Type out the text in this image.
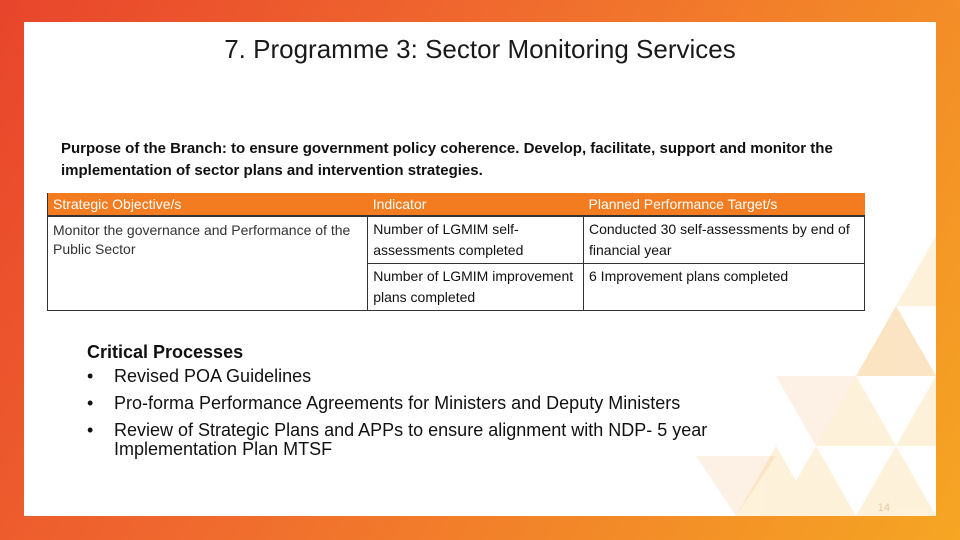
7. Programme 3: Sector Monitoring Services
Purpose of the Branch: to ensure government policy coherence. Develop, facilitate, support and monitor the implementation of sector plans and intervention strategies.
Strategic Objective/s		Indicator		Planned Performance Target/s
Monitor the governance and Performance of the Public Sector		Number of LGMIM self-assessments completed		Conducted 30 self-assessments by end of financial year
		Number of LGMIM improvement plans completed		6 Improvement plans completed
Critical Processes
• Revised POA Guidelines
• Pro-forma Performance Agreements for Ministers and Deputy Ministers
• Review of Strategic Plans and APPs to ensure alignment with NDP- 5 year Implementation Plan MTSF
14
